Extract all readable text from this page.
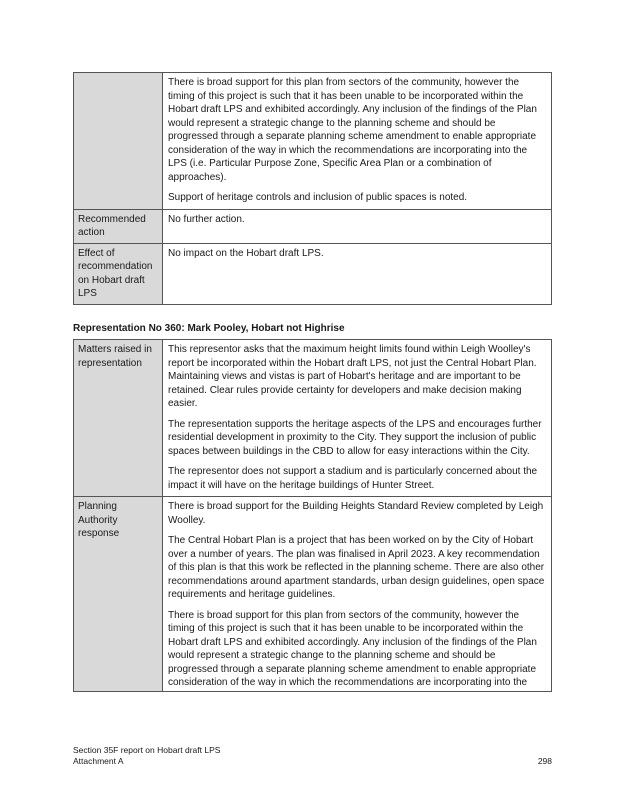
	There is broad support for this plan from sectors of the community, however the timing of this project is such that it has been unable to be incorporated within the Hobart draft LPS and exhibited accordingly. Any inclusion of the findings of the Plan would represent a strategic change to the planning scheme and should be progressed through a separate planning scheme amendment to enable appropriate consideration of the way in which the recommendations are incorporating into the LPS (i.e. Particular Purpose Zone, Specific Area Plan or a combination of approaches).

Support of heritage controls and inclusion of public spaces is noted.

Recommended action	No further action.

Effect of recommendation on Hobart draft LPS	No impact on the Hobart draft LPS.

Representation No 360: Mark Pooley, Hobart not Highrise
Matters raised in representation	This representor asks that the maximum height limits found within Leigh Woolley's report be incorporated within the Hobart draft LPS, not just the Central Hobart Plan. Maintaining views and vistas is part of Hobart's heritage and are important to be retained. Clear rules provide certainty for developers and make decision making easier.

The representation supports the heritage aspects of the LPS and encourages further residential development in proximity to the City. They support the inclusion of public spaces between buildings in the CBD to allow for easy interactions within the City.

The representor does not support a stadium and is particularly concerned about the impact it will have on the heritage buildings of Hunter Street.

Planning Authority response	There is broad support for the Building Heights Standard Review completed by Leigh Woolley.

The Central Hobart Plan is a project that has been worked on by the City of Hobart over a number of years. The plan was finalised in April 2023. A key recommendation of this plan is that this work be reflected in the planning scheme. There are also other recommendations around apartment standards, urban design guidelines, open space requirements and heritage guidelines.

There is broad support for this plan from sectors of the community, however the timing of this project is such that it has been unable to be incorporated within the Hobart draft LPS and exhibited accordingly. Any inclusion of the findings of the Plan would represent a strategic change to the planning scheme and should be progressed through a separate planning scheme amendment to enable appropriate consideration of the way in which the recommendations are incorporating into the

Section 35F report on Hobart draft LPS
Attachment A	298
